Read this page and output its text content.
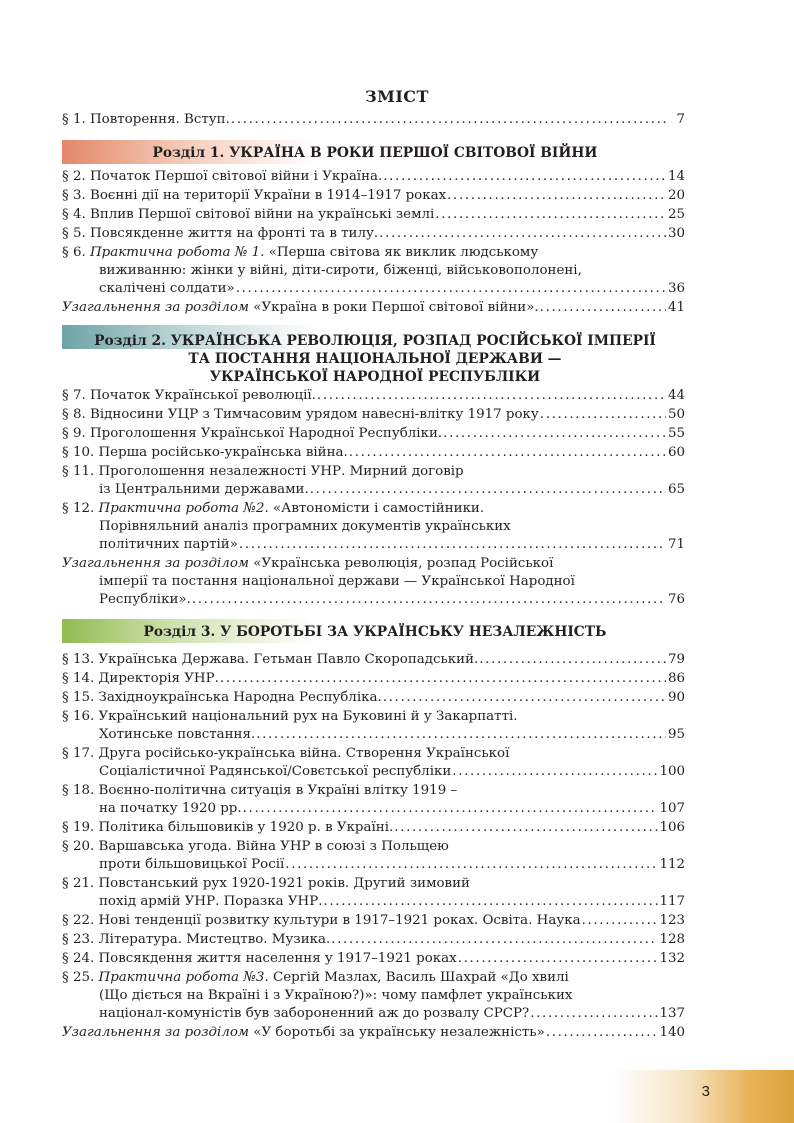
ЗМІСТ
§ 1. Повторення. Вступ. . . .	7
Розділ 1. УКРАЇНА В РОКИ ПЕРШОЇ СВІТОВОЇ ВІЙНИ
§ 2. Початок Першої світової війни і Україна. . . .	14
§ 3. Воєнні дії на території України в 1914–1917 роках . . .	20
§ 4. Вплив Першої світової війни на українські землі . . .	25
§ 5. Повсякденне життя на фронті та в тилу. . . .	30
§ 6. Практична робота № 1. «Перша світова як виклик людському
виживанню: жінки у війні, діти-сироти, біженці, військовополонені,
скалічені солдати» . . .	36
Узагальнення за розділом «Україна в роки Першої світової війни». . . .	41
Розділ 2. УКРАЇНСЬКА РЕВОЛЮЦІЯ, РОЗПАД РОСІЙСЬКОЇ ІМПЕРІЇ
ТА ПОСТАННЯ НАЦІОНАЛЬНОЇ ДЕРЖАВИ —
УКРАЇНСЬКОЇ НАРОДНОЇ РЕСПУБЛІКИ
§ 7. Початок Української революції. . . .	44
§ 8. Відносини УЦР з Тимчасовим урядом навесні-влітку 1917 року . . .	50
§ 9. Проголошення Української Народної Республіки. . . .	55
§ 10. Перша російсько-українська війна. . . .	60
§ 11. Проголошення незалежності УНР. Мирний договір
із Центральними державами. . . .	65
§ 12. Практична робота №2. «Автономісти і самостійники.
Порівняльний аналіз програмних документів українських
політичних партій» . . .	71
Узагальнення за розділом «Українська революція, розпад Російської
імперії та постання національної держави — Української Народної
Республіки». . . .	76
Розділ 3. У БОРОТЬБІ ЗА УКРАЇНСЬКУ НЕЗАЛЕЖНІСТЬ
§ 13. Українська Держава. Гетьман Павло Скоропадський. . . .	79
§ 14. Директорія УНР. . . .	86
§ 15. Західноукраїнська Народна Республіка. . . .	90
§ 16. Український національний рух на Буковині й у Закарпатті.
Хотинське повстання. . . .	95
§ 17. Друга російсько-українська війна. Створення Української
Соціалістичної Радянської/Совєтської республіки . . .	100
§ 18. Воєнно-політична ситуація в Україні влітку 1919 –
на початку 1920 рр. . . .	107
§ 19. Політика більшовиків у 1920 р. в Україні. . . .	106
§ 20. Варшавська угода. Війна УНР в союзі з Польщею
проти більшовицької Росії . . .	112
§ 21. Повстанський рух 1920-1921 років. Другий зимовий
похід армій УНР. Поразка УНР. . . .	117
§ 22. Нові тенденції розвитку культури в 1917–1921 роках. Освіта. Наука . . .	123
§ 23. Література. Мистецтво. Музика. . . .	128
§ 24. Повсякдення життя населення у 1917–1921 роках . . .	132
§ 25. Практична робота №3. Сергій Мазлах, Василь Шахрай «До хвилі
(Що діється на Вкраїні і з Україною?)»: чому памфлет українських
націонал-комуністів був забороненний аж до розвалу СРСР? . . .	137
Узагальнення за розділом «У боротьбі за українську незалежність» . . .	140
3
